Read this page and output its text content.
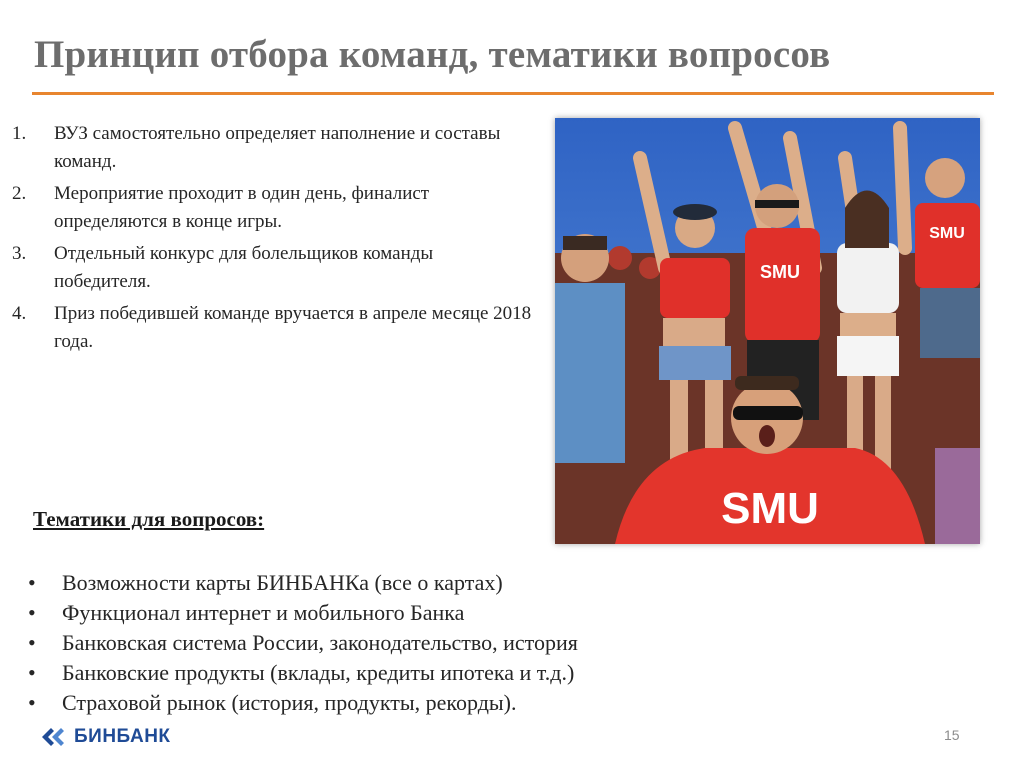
Принцип отбора команд, тематики вопросов
1. ВУЗ самостоятельно определяет наполнение и составы команд.
2. Мероприятие проходит в один день, финалист определяются в конце игры.
3. Отдельный конкурс для болельщиков команды победителя.
4. Приз победившей команде вручается в апреле месяце 2018 года.
SMU
SMU
SMU
Тематики для вопросов:
• Возможности карты БИНБАНКа (все о картах)
• Функционал интернет и мобильного Банка
• Банковская система России, законодательство, история
• Банковские продукты (вклады, кредиты ипотека и т.д.)
• Страховой рынок (история, продукты, рекорды).
БИНБАНК	15
